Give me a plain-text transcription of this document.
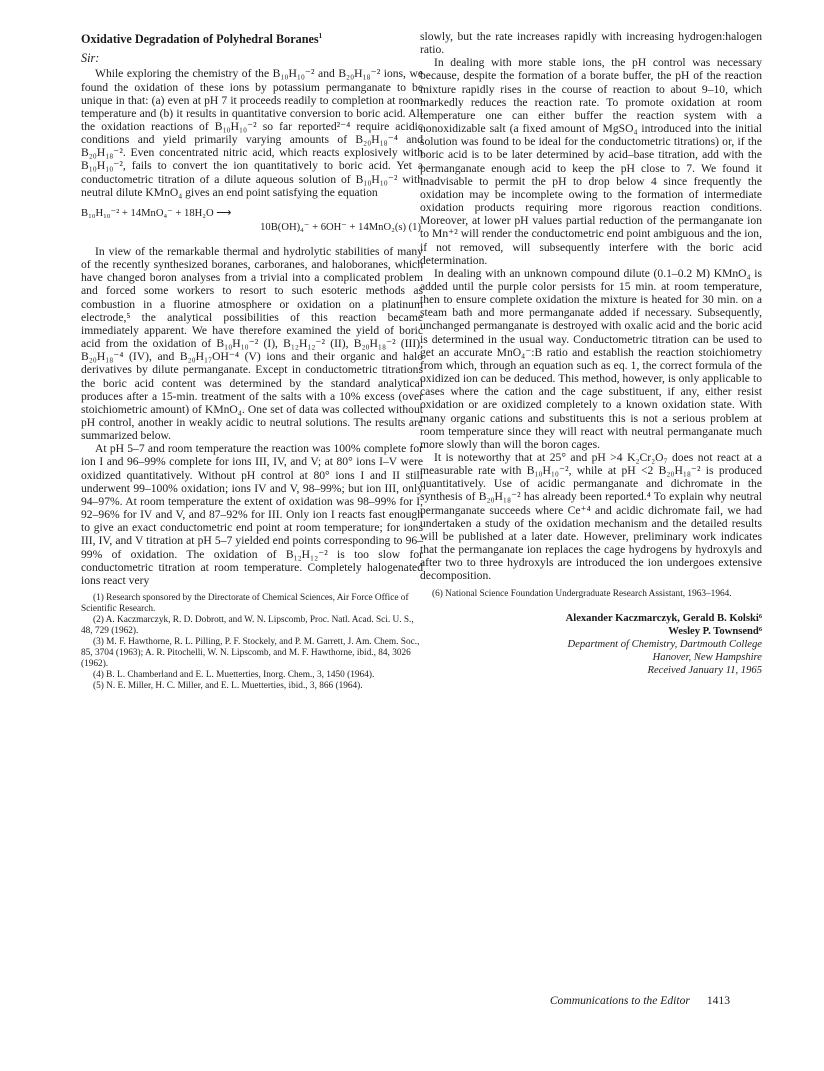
Oxidative Degradation of Polyhedral Boranes$^1$
Sir:

While exploring the chemistry of the B₁₀H₁₀⁻² and B₂₀H₁₈⁻² ions, we found the oxidation of these ions by potassium permanganate to be unique in that: (a) even at pH 7 it proceeds readily to completion at room temperature and (b) it results in quantitative conversion to boric acid. All the oxidation reactions of B₁₀H₁₀⁻² so far reported²⁻⁴ require acidic conditions and yield primarily varying amounts of B₂₀H₁₈⁻⁴ and B₂₀H₁₈⁻². Even concentrated nitric acid, which reacts explosively with B₁₀H₁₀⁻², fails to convert the ion quantitatively to boric acid. Yet a conductometric titration of a dilute aqueous solution of B₁₀H₁₀⁻² with neutral dilute KMnO₄ gives an end point satisfying the equation

B₁₀H₁₀⁻² + 14MnO₄⁻ + 18H₂O ⟶
10B(OH)₄⁻ + 6OH⁻ + 14MnO₂(s) (1)

In view of the remarkable thermal and hydrolytic stabilities of many of the recently synthesized boranes, carboranes, and haloboranes, which have changed boron analyses from a trivial into a complicated problem and forced some workers to resort to such esoteric methods as combustion in a fluorine atmosphere or oxidation on a platinum electrode,⁵ the analytical possibilities of this reaction became immediately apparent. We have therefore examined the yield of boric acid from the oxidation of B₁₀H₁₀⁻² (I), B₁₂H₁₂⁻² (II), B₂₀H₁₈⁻² (III), B₂₀H₁₈⁻⁴ (IV), and B₂₀H₁₇OH⁻⁴ (V) ions and their organic and halo derivatives by dilute permanganate. Except in conductometric titrations the boric acid content was determined by the standard analytical produces after a 15-min. treatment of the salts with a 10% excess (over stoichiometric amount) of KMnO₄. One set of data was collected without pH control, another in weakly acidic to neutral solutions. The results are summarized below.

At pH 5–7 and room temperature the reaction was 100% complete for ion I and 96–99% complete for ions III, IV, and V; at 80° ions I–V were oxidized quantitatively. Without pH control at 80° ions I and II still underwent 99–100% oxidation; ions IV and V, 98–99%; but ion III, only 94–97%. At room temperature the extent of oxidation was 98–99% for I, 92–96% for IV and V, and 87–92% for III. Only ion I reacts fast enough to give an exact conductometric end point at room temperature; for ions III, IV, and V titration at pH 5–7 yielded end points corresponding to 96–99% of oxidation. The oxidation of B₁₂H₁₂⁻² is too slow for conductometric titration at room temperature. Completely halogenated ions react very

(1) Research sponsored by the Directorate of Chemical Sciences, Air Force Office of Scientific Research.

(2) A. Kaczmarczyk, R. D. Dobrott, and W. N. Lipscomb, Proc. Natl. Acad. Sci. U. S., 48, 729 (1962).

(3) M. F. Hawthorne, R. L. Pilling, P. F. Stockely, and P. M. Garrett, J. Am. Chem. Soc., 85, 3704 (1963); A. R. Pitochelli, W. N. Lipscomb, and M. F. Hawthorne, ibid., 84, 3026 (1962).

(4) B. L. Chamberland and E. L. Muetterties, Inorg. Chem., 3, 1450 (1964).

(5) N. E. Miller, H. C. Miller, and E. L. Muetterties, ibid., 3, 866 (1964).

slowly, but the rate increases rapidly with increasing hydrogen:halogen ratio.

In dealing with more stable ions, the pH control was necessary because, despite the formation of a borate buffer, the pH of the reaction mixture rapidly rises in the course of reaction to about 9–10, which markedly reduces the reaction rate. To promote oxidation at room temperature one can either buffer the reaction system with a nonoxidizable salt (a fixed amount of MgSO₄ introduced into the initial solution was found to be ideal for the conductometric titrations) or, if the boric acid is to be later determined by acid–base titration, add with the permanganate enough acid to keep the pH close to 7. We found it inadvisable to permit the pH to drop below 4 since frequently the oxidation may be incomplete owing to the formation of intermediate oxidation products requiring more rigorous reaction conditions. Moreover, at lower pH values partial reduction of the permanganate ion to Mn⁺² will render the conductometric end point ambiguous and the ion, if not removed, will subsequently interfere with the boric acid determination.

In dealing with an unknown compound dilute (0.1–0.2 M) KMnO₄ is added until the purple color persists for 15 min. at room temperature, then to ensure complete oxidation the mixture is heated for 30 min. on a steam bath and more permanganate added if necessary. Subsequently, unchanged permanganate is destroyed with oxalic acid and the boric acid is determined in the usual way. Conductometric titration can be used to get an accurate MnO₄⁻:B ratio and establish the reaction stoichiometry from which, through an equation such as eq. 1, the correct formula of the oxidized ion can be deduced. This method, however, is only applicable to cases where the cation and the cage substituent, if any, either resist oxidation or are oxidized completely to a known oxidation state. With many organic cations and substituents this is not a serious problem at room temperature since they will react with neutral permanganate much more slowly than will the boron cages.

It is noteworthy that at 25° and pH >4 K₂Cr₂O₇ does not react at a measurable rate with B₁₀H₁₀⁻², while at pH <2 B₂₀H₁₈⁻² is produced quantitatively. Use of acidic permanganate and dichromate in the synthesis of B₂₀H₁₈⁻² has already been reported.⁴ To explain why neutral permanganate succeeds where Ce⁺⁴ and acidic dichromate fail, we had undertaken a study of the oxidation mechanism and the detailed results will be published at a later date. However, preliminary work indicates that the permanganate ion replaces the cage hydrogens by hydroxyls and after two to three hydroxyls are introduced the ion undergoes extensive decomposition.

(6) National Science Foundation Undergraduate Research Assistant, 1963–1964.

Alexander Kaczmarczyk, Gerald B. Kolski⁶
Wesley P. Townsend⁶
Department of Chemistry, Dartmouth College
Hanover, New Hampshire
Received January 11, 1965
Communications to the Editor 1413
